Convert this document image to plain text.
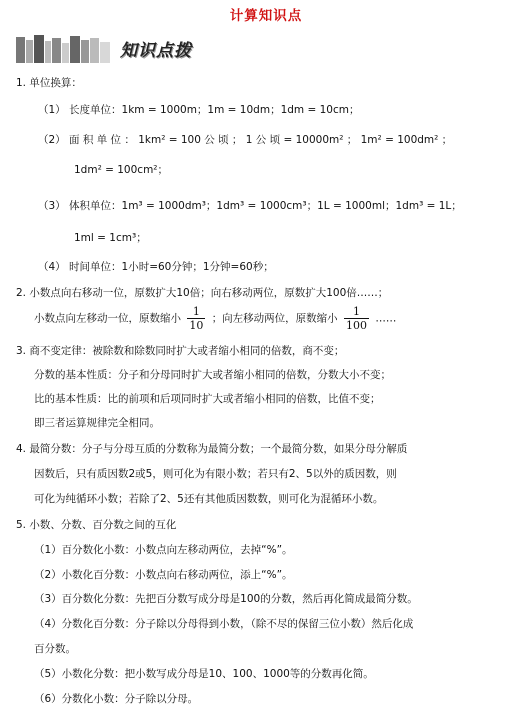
计算知识点
知识点拨
1. 单位换算：
（1） 长度单位：1km = 1000m；1m = 10dm；1dm = 10cm；
（2） 面 积 单 位 ： 1km² = 100 公 顷 ； 1 公 顷 = 10000m² ； 1m² = 100dm² ；
1dm² = 100cm²；
（3） 体积单位：1m³ = 1000dm³；1dm³ = 1000cm³；1L = 1000ml；1dm³ = 1L；
1ml = 1cm³；
（4） 时间单位：1小时=60分钟；1分钟=60秒；
2. 小数点向右移动一位，原数扩大10倍；向右移动两位，原数扩大100倍……；
小数点向左移动一位，原数缩小 $\frac{1}{10}$ ；向左移动两位，原数缩小 $\frac{1}{100}$ ……
3. 商不变定律：被除数和除数同时扩大或者缩小相同的倍数，商不变；
分数的基本性质：分子和分母同时扩大或者缩小相同的倍数，分数大小不变；
比的基本性质：比的前项和后项同时扩大或者缩小相同的倍数，比值不变；
即三者运算规律完全相同。
4. 最简分数：分子与分母互质的分数称为最简分数；一个最简分数，如果分母分解质
因数后，只有质因数2或5，则可化为有限小数；若只有2、5以外的质因数，则
可化为纯循环小数；若除了2、5还有其他质因数数，则可化为混循环小数。
5. 小数、分数、百分数之间的互化
（1）百分数化小数：小数点向左移动两位，去掉“%”。
（2）小数化百分数：小数点向右移动两位，添上“%”。
（3）百分数化分数：先把百分数写成分母是100的分数，然后再化简成最简分数。
（4）分数化百分数：分子除以分母得到小数，（除不尽的保留三位小数）然后化成
百分数。
（5）小数化分数：把小数写成分母是10、100、1000等的分数再化简。
（6）分数化小数：分子除以分母。
